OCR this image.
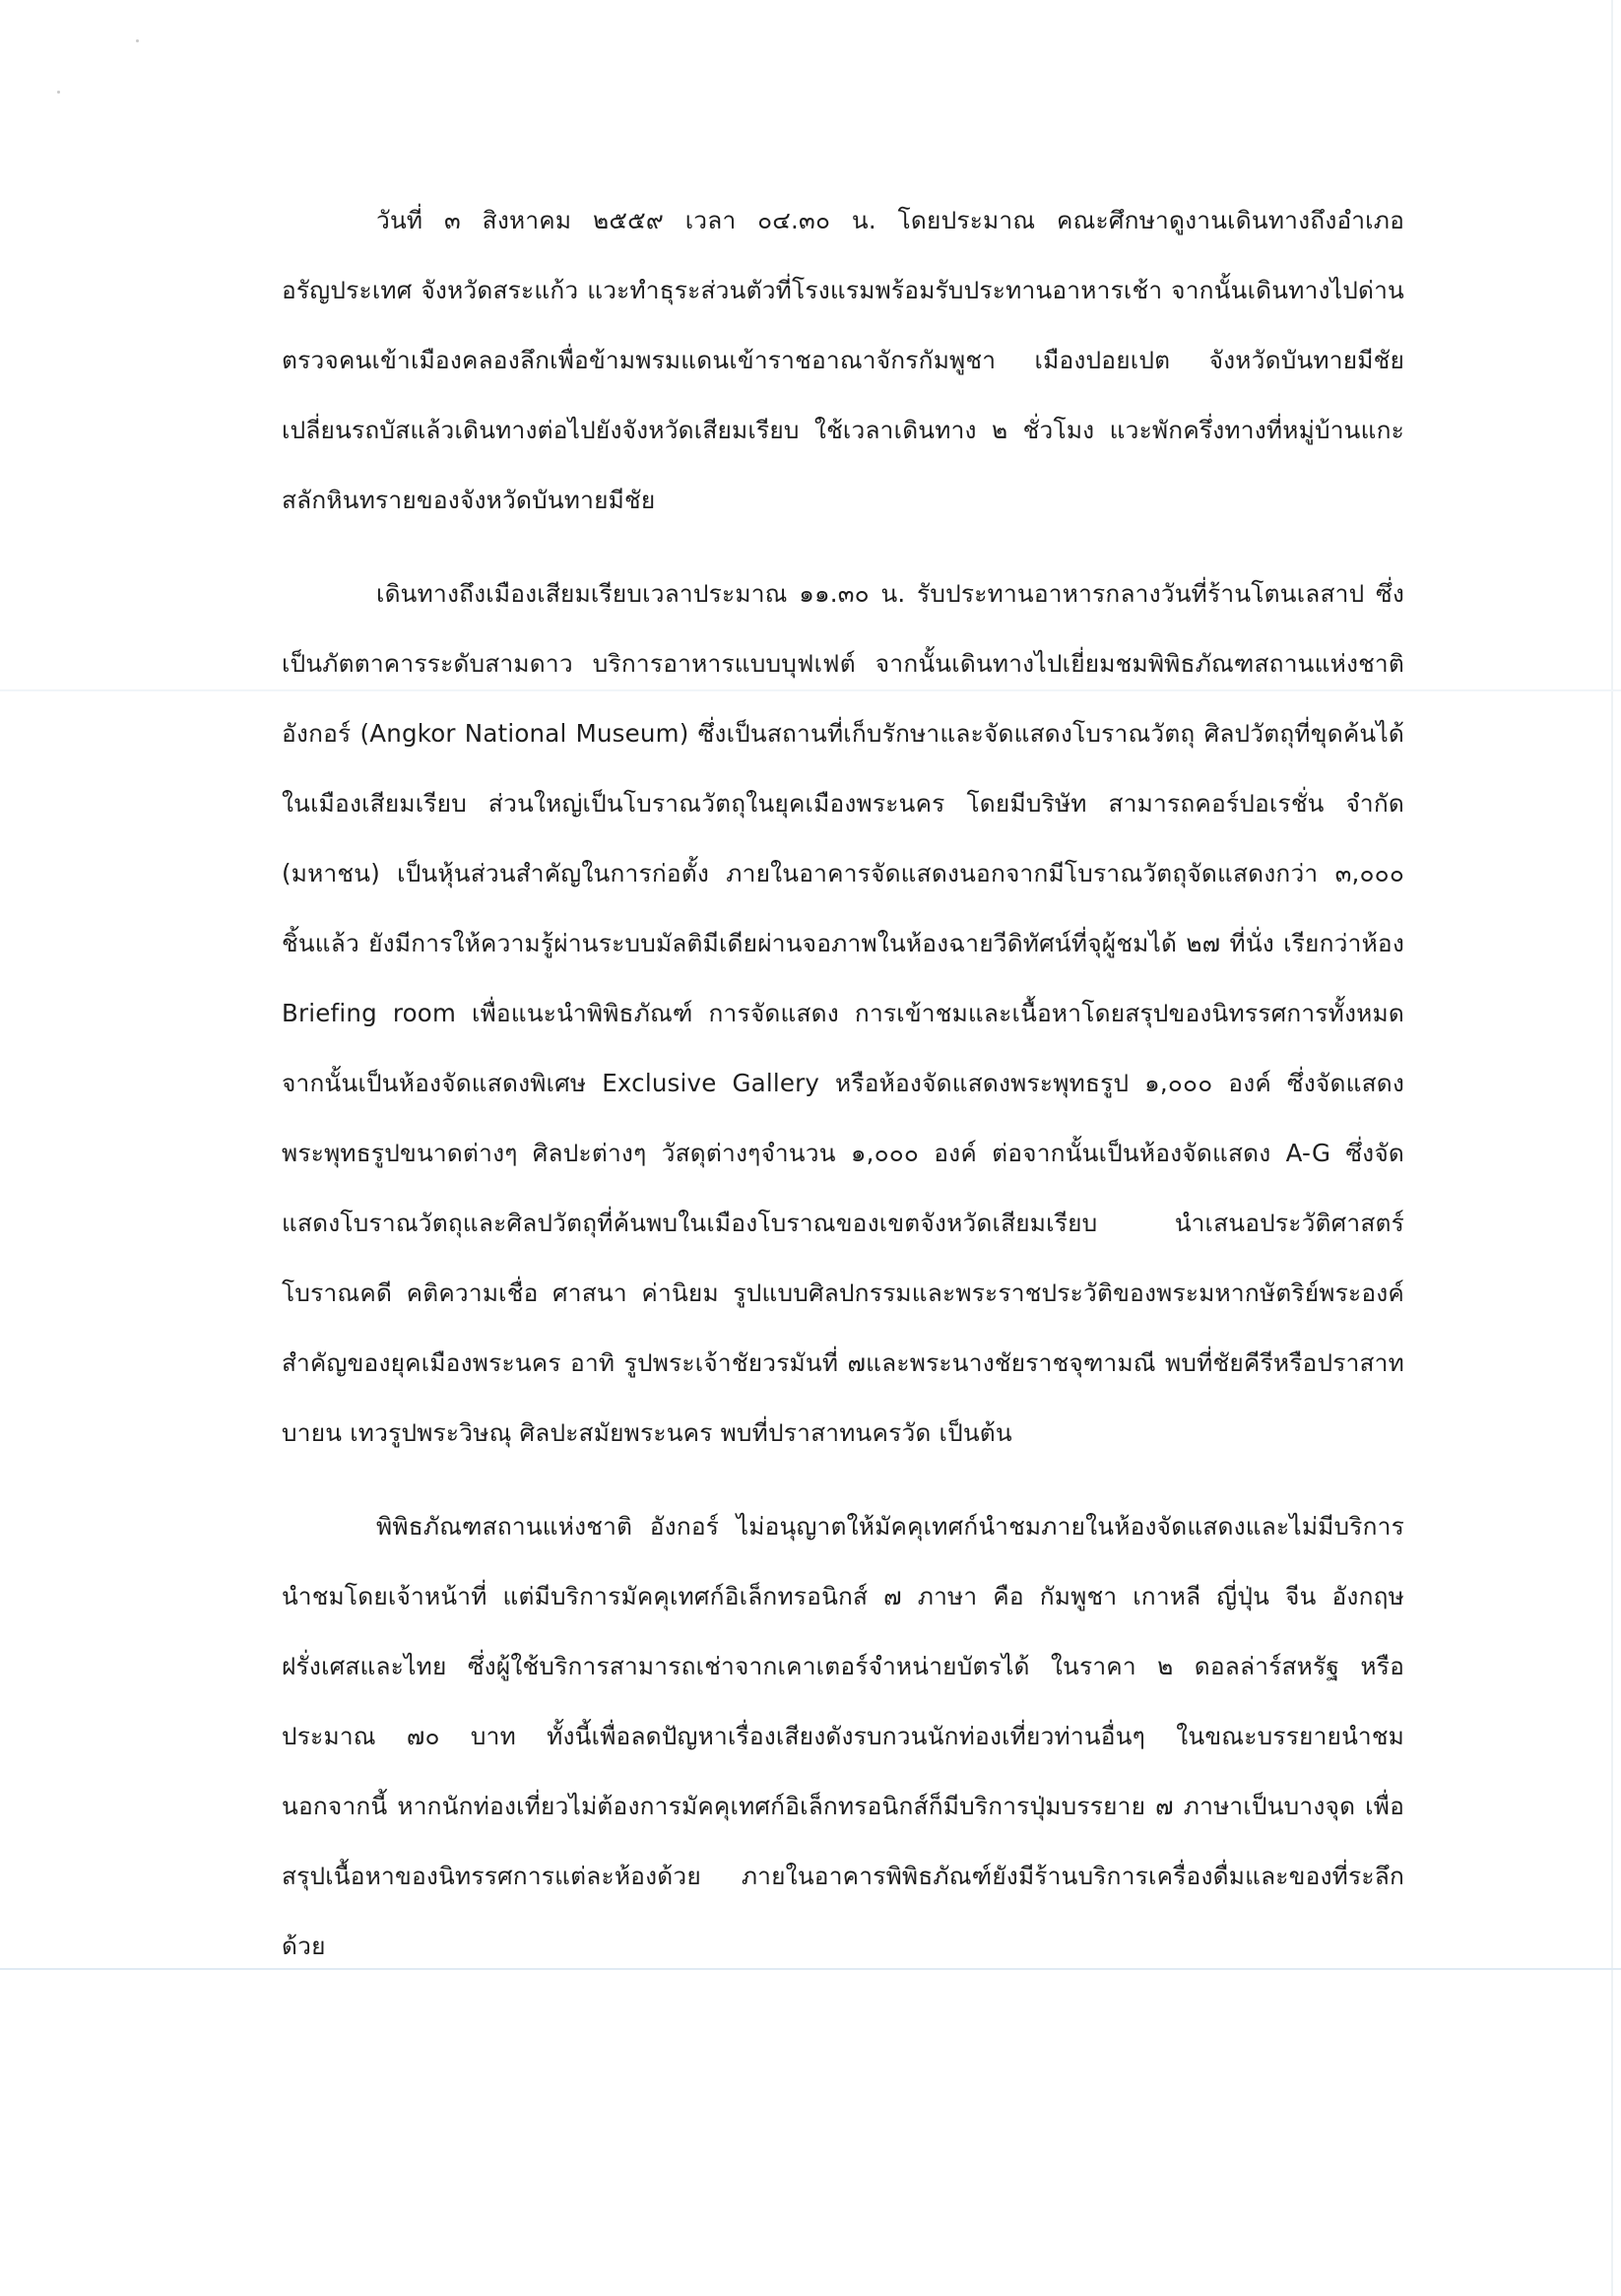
วันที่ ๓ สิงหาคม ๒๕๕๙ เวลา ๐๔.๓๐ น. โดยประมาณ คณะศึกษาดูงานเดินทางถึงอำเภออรัญประเทศ จังหวัดสระแก้ว แวะทำธุระส่วนตัวที่โรงแรมพร้อมรับประทานอาหารเช้า จากนั้นเดินทางไปด่านตรวจคนเข้าเมืองคลองลึกเพื่อข้ามพรมแดนเข้าราชอาณาจักรกัมพูชา เมืองปอยเปต จังหวัดบันทายมีชัย เปลี่ยนรถบัสแล้วเดินทางต่อไปยังจังหวัดเสียมเรียบ ใช้เวลาเดินทาง ๒ ชั่วโมง แวะพักครึ่งทางที่หมู่บ้านแกะสลักหินทรายของจังหวัดบันทายมีชัย

เดินทางถึงเมืองเสียมเรียบเวลาประมาณ ๑๑.๓๐ น. รับประทานอาหารกลางวันที่ร้านโตนเลสาป ซึ่งเป็นภัตตาคารระดับสามดาว บริการอาหารแบบบุฟเฟต์ จากนั้นเดินทางไปเยี่ยมชมพิพิธภัณฑสถานแห่งชาติ อังกอร์ (Angkor National Museum) ซึ่งเป็นสถานที่เก็บรักษาและจัดแสดงโบราณวัตถุ ศิลปวัตถุที่ขุดค้นได้ในเมืองเสียมเรียบ ส่วนใหญ่เป็นโบราณวัตถุในยุคเมืองพระนคร โดยมีบริษัท สามารถคอร์ปอเรชั่น จำกัด (มหาชน) เป็นหุ้นส่วนสำคัญในการก่อตั้ง ภายในอาคารจัดแสดงนอกจากมีโบราณวัตถุจัดแสดงกว่า ๓,๐๐๐ ชิ้นแล้ว ยังมีการให้ความรู้ผ่านระบบมัลติมีเดียผ่านจอภาพในห้องฉายวีดิทัศน์ที่จุผู้ชมได้ ๒๗ ที่นั่ง เรียกว่าห้อง Briefing room เพื่อแนะนำพิพิธภัณฑ์ การจัดแสดง การเข้าชมและเนื้อหาโดยสรุปของนิทรรศการทั้งหมด จากนั้นเป็นห้องจัดแสดงพิเศษ Exclusive Gallery หรือห้องจัดแสดงพระพุทธรูป ๑,๐๐๐ องค์ ซึ่งจัดแสดงพระพุทธรูปขนาดต่างๆ ศิลปะต่างๆ วัสดุต่างๆจำนวน ๑,๐๐๐ องค์ ต่อจากนั้นเป็นห้องจัดแสดง A-G ซึ่งจัดแสดงโบราณวัตถุและศิลปวัตถุที่ค้นพบในเมืองโบราณของเขตจังหวัดเสียมเรียบ นำเสนอประวัติศาสตร์ โบราณคดี คติความเชื่อ ศาสนา ค่านิยม รูปแบบศิลปกรรมและพระราชประวัติของพระมหากษัตริย์พระองค์สำคัญของยุคเมืองพระนคร อาทิ รูปพระเจ้าชัยวรมันที่ ๗และพระนางชัยราชจุฑามณี พบที่ชัยคีรีหรือปราสาทบายน เทวรูปพระวิษณุ ศิลปะสมัยพระนคร พบที่ปราสาทนครวัด เป็นต้น

พิพิธภัณฑสถานแห่งชาติ อังกอร์ ไม่อนุญาตให้มัคคุเทศก์นำชมภายในห้องจัดแสดงและไม่มีบริการนำชมโดยเจ้าหน้าที่ แต่มีบริการมัคคุเทศก์อิเล็กทรอนิกส์ ๗ ภาษา คือ กัมพูชา เกาหลี ญี่ปุ่น จีน อังกฤษ ฝรั่งเศสและไทย ซึ่งผู้ใช้บริการสามารถเช่าจากเคาเตอร์จำหน่ายบัตรได้ ในราคา ๒ ดอลล่าร์สหรัฐ หรือประมาณ ๗๐ บาท ทั้งนี้เพื่อลดปัญหาเรื่องเสียงดังรบกวนนักท่องเที่ยวท่านอื่นๆ ในขณะบรรยายนำชม นอกจากนี้ หากนักท่องเที่ยวไม่ต้องการมัคคุเทศก์อิเล็กทรอนิกส์ก็มีบริการปุ่มบรรยาย ๗ ภาษาเป็นบางจุด เพื่อสรุปเนื้อหาของนิทรรศการแต่ละห้องด้วย ภายในอาคารพิพิธภัณฑ์ยังมีร้านบริการเครื่องดื่มและของที่ระลึกด้วย
